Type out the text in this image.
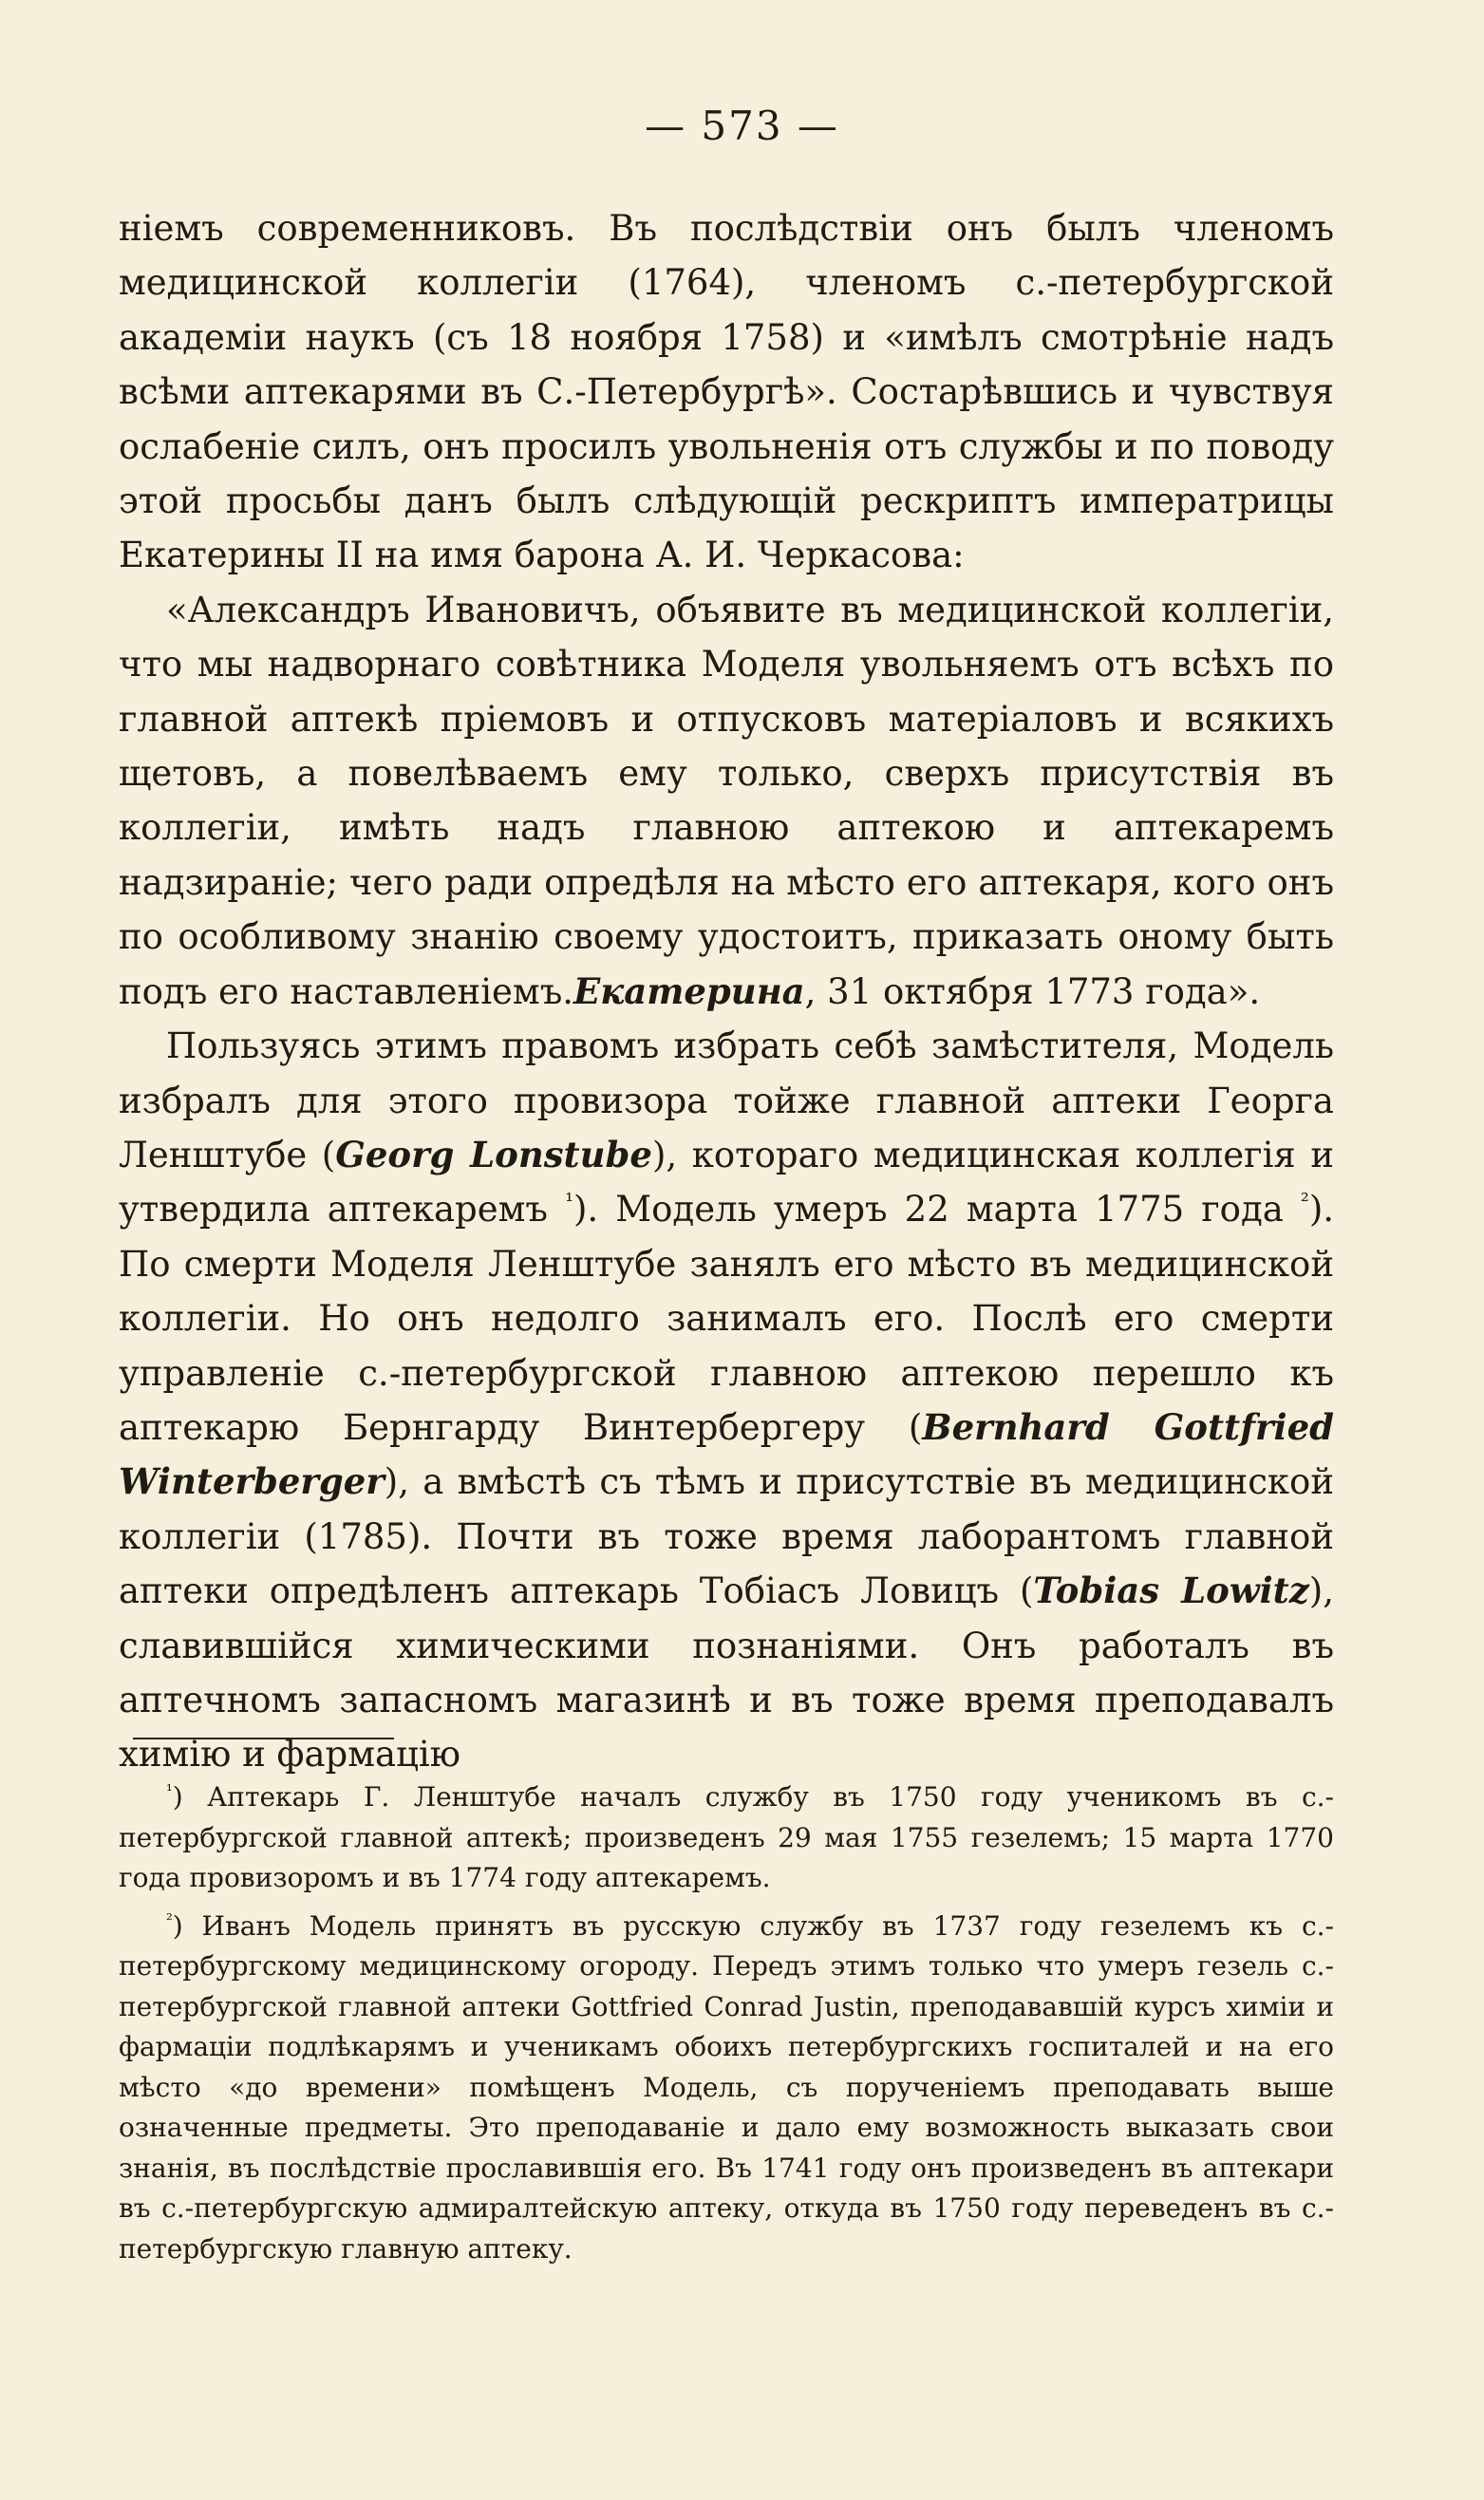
— 573 —

ніемъ современниковъ. Въ послѣдствіи онъ былъ членомъ медицинской коллегіи (1764), членомъ с.-петербургской академіи наукъ (съ 18 ноября 1758) и «имѣлъ смотрѣніе надъ всѣми аптекарями въ С.-Петербургѣ». Состарѣвшись и чувствуя ослабеніе силъ, онъ просилъ увольненія отъ службы и по поводу этой просьбы данъ былъ слѣдующій рескриптъ императрицы Екатерины II на имя барона А. И. Черкасова:

«Александръ Ивановичъ, объявите въ медицинской коллегіи, что мы надворнаго совѣтника Моделя увольняемъ отъ всѣхъ по главной аптекѣ пріемовъ и отпусковъ матеріаловъ и всякихъ щетовъ, а повелѣваемъ ему только, сверхъ присутствія въ коллегіи, имѣть надъ главною аптекою и аптекаремъ надзираніе; чего ради опредѣля на мѣсто его аптекаря, кого онъ по особливому знанію своему удостоитъ, приказать оному быть подъ его наставленіемъ.Екатерина, 31 октября 1773 года».

Пользуясь этимъ правомъ избрать себѣ замѣстителя, Модель избралъ для этого провизора тойже главной аптеки Георга Ленштубе (Georg Lonstube), котораго медицинская коллегія и утвердила аптекаремъ $^{^1}$). Модель умеръ 22 марта 1775 года $^{^2}$). По смерти Моделя Ленштубе занялъ его мѣсто въ медицинской коллегіи. Но онъ недолго занималъ его. Послѣ его смерти управленіе с.-петербургской главною аптекою перешло къ аптекарю Бернгарду Винтербергеру (Bernhard Gottfried Winterberger), а вмѣстѣ съ тѣмъ и присутствіе въ медицинской коллегіи (1785). Почти въ тоже время лаборантомъ главной аптеки опредѣленъ аптекарь Тобіасъ Ловицъ (Tobias Lowitz), славившійся химическими познаніями. Онъ работалъ въ аптечномъ запасномъ магазинѣ и въ тоже время преподавалъ химію и фармацію

$^{^1}$) Аптекарь Г. Ленштубе началъ службу въ 1750 году ученикомъ въ с.-петербургской главной аптекѣ; произведенъ 29 мая 1755 гезелемъ; 15 марта 1770 года провизоромъ и въ 1774 году аптекаремъ.

$^{^2}$) Иванъ Модель принятъ въ русскую службу въ 1737 году гезелемъ къ с.-петербургскому медицинскому огороду. Передъ этимъ только что умеръ гезель с.-петербургской главной аптеки Gottfried Conrad Justin, преподававшій курсъ химіи и фармаціи подлѣкарямъ и ученикамъ обоихъ петербургскихъ госпиталей и на его мѣсто «до времени» помѣщенъ Модель, съ порученіемъ преподавать выше означенные предметы. Это преподаваніе и дало ему возможность выказать свои знанія, въ послѣдствіе прославившія его. Въ 1741 году онъ произведенъ въ аптекари въ с.-петербургскую адмиралтейскую аптеку, откуда въ 1750 году переведенъ въ с.-петербургскую главную аптеку.
